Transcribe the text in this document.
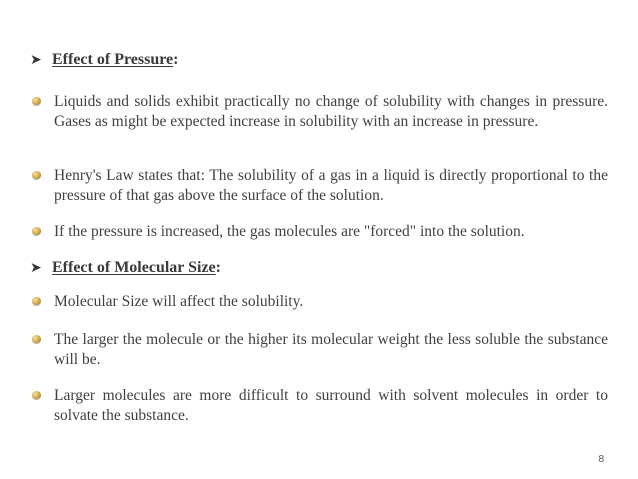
➤ Effect of Pressure:
Liquids and solids exhibit practically no change of solubility with changes in pressure. Gases as might be expected increase in solubility with an increase in pressure.
Henry's Law states that: The solubility of a gas in a liquid is directly proportional to the pressure of that gas above the surface of the solution.
If the pressure is increased, the gas molecules are "forced" into the solution.
➤ Effect of Molecular Size:
Molecular Size will affect the solubility.
The larger the molecule or the higher its molecular weight the less soluble the substance will be.
Larger molecules are more difficult to surround with solvent molecules in order to solvate the substance.
8
